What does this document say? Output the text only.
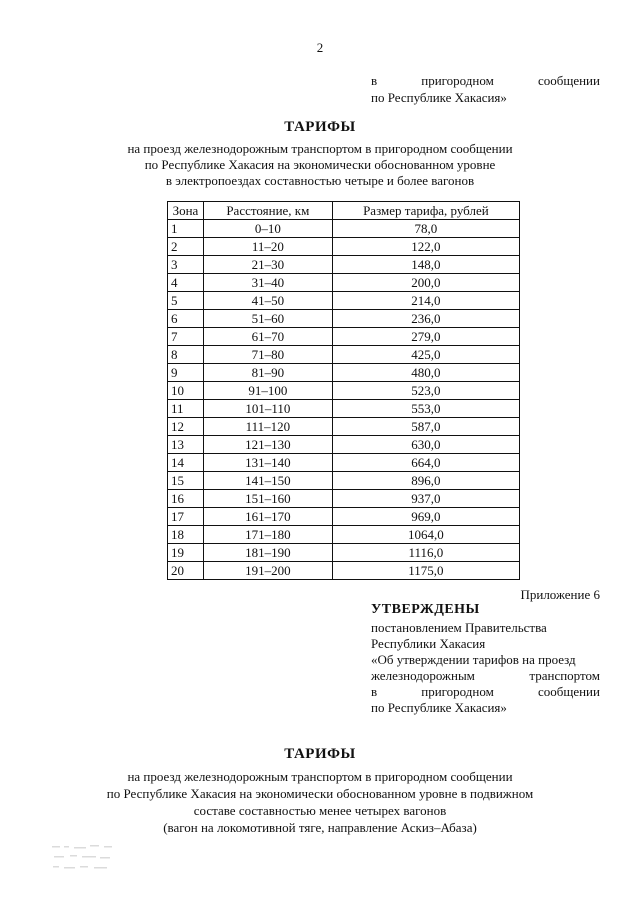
2
в	пригородном	сообщении
по Республике Хакасия»
ТАРИФЫ
на проезд железнодорожным транспортом в пригородном сообщении
по Республике Хакасия на экономически обоснованном уровне
в электропоездах составностью четыре и более вагонов
Зона	Расстояние, км	Размер тарифа, рублей
1	0–10	78,0
2	11–20	122,0
3	21–30	148,0
4	31–40	200,0
5	41–50	214,0
6	51–60	236,0
7	61–70	279,0
8	71–80	425,0
9	81–90	480,0
10	91–100	523,0
11	101–110	553,0
12	111–120	587,0
13	121–130	630,0
14	131–140	664,0
15	141–150	896,0
16	151–160	937,0
17	161–170	969,0
18	171–180	1064,0
19	181–190	1116,0
20	191–200	1175,0
Приложение 6
УТВЕРЖДЕНЫ
постановлением Правительства
Республики Хакасия
«Об утверждении тарифов на проезд
железнодорожным	транспортом
в	пригородном	сообщении
по Республике Хакасия»
ТАРИФЫ
на проезд железнодорожным транспортом в пригородном сообщении
по Республике Хакасия на экономически обоснованном уровне в подвижном
составе составностью менее четырех вагонов
(вагон на локомотивной тяге, направление Аскиз–Абаза)
